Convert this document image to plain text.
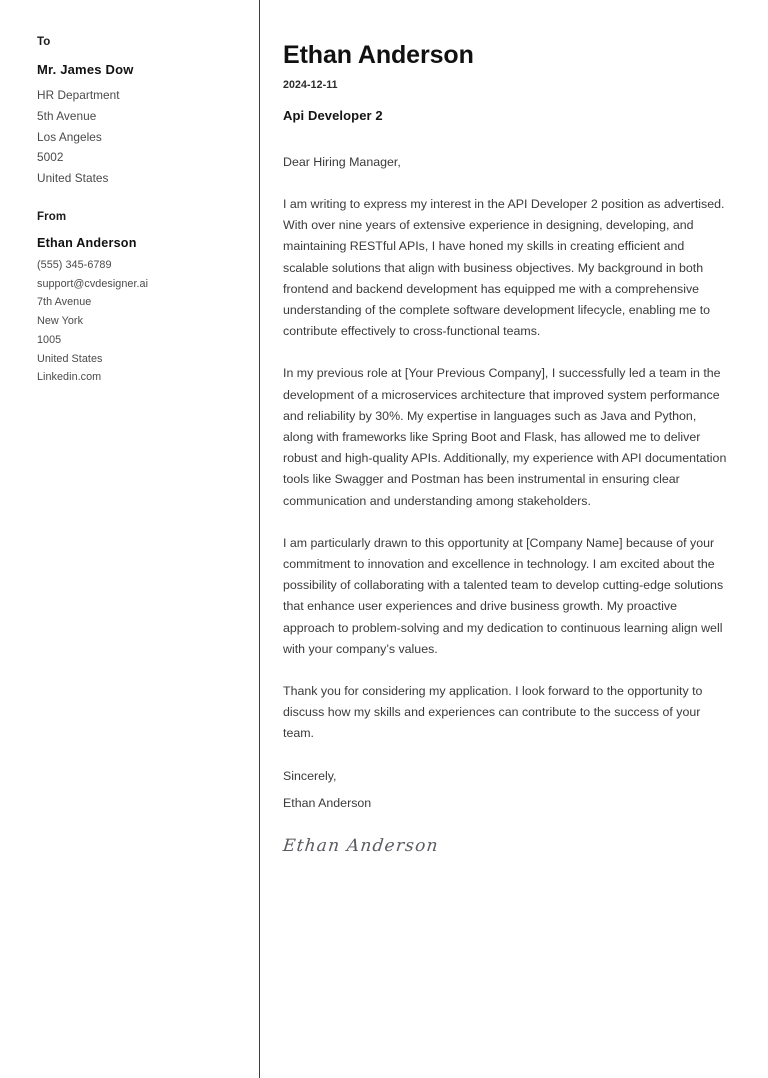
To
Mr. James Dow
HR Department
5th Avenue
Los Angeles
5002
United States
From
Ethan Anderson
(555) 345-6789
support@cvdesigner.ai
7th Avenue
New York
1005
United States
Linkedin.com
Ethan Anderson
2024-12-11
Api Developer 2

Dear Hiring Manager,

I am writing to express my interest in the API Developer 2 position as advertised. With over nine years of extensive experience in designing, developing, and maintaining RESTful APIs, I have honed my skills in creating efficient and scalable solutions that align with business objectives. My background in both frontend and backend development has equipped me with a comprehensive understanding of the complete software development lifecycle, enabling me to contribute effectively to cross-functional teams.

In my previous role at [Your Previous Company], I successfully led a team in the development of a microservices architecture that improved system performance and reliability by 30%. My expertise in languages such as Java and Python, along with frameworks like Spring Boot and Flask, has allowed me to deliver robust and high-quality APIs. Additionally, my experience with API documentation tools like Swagger and Postman has been instrumental in ensuring clear communication and understanding among stakeholders.

I am particularly drawn to this opportunity at [Company Name] because of your commitment to innovation and excellence in technology. I am excited about the possibility of collaborating with a talented team to develop cutting-edge solutions that enhance user experiences and drive business growth. My proactive approach to problem-solving and my dedication to continuous learning align well with your company’s values.

Thank you for considering my application. I look forward to the opportunity to discuss how my skills and experiences can contribute to the success of your team.

Sincerely,

Ethan Anderson

Ethan Anderson
